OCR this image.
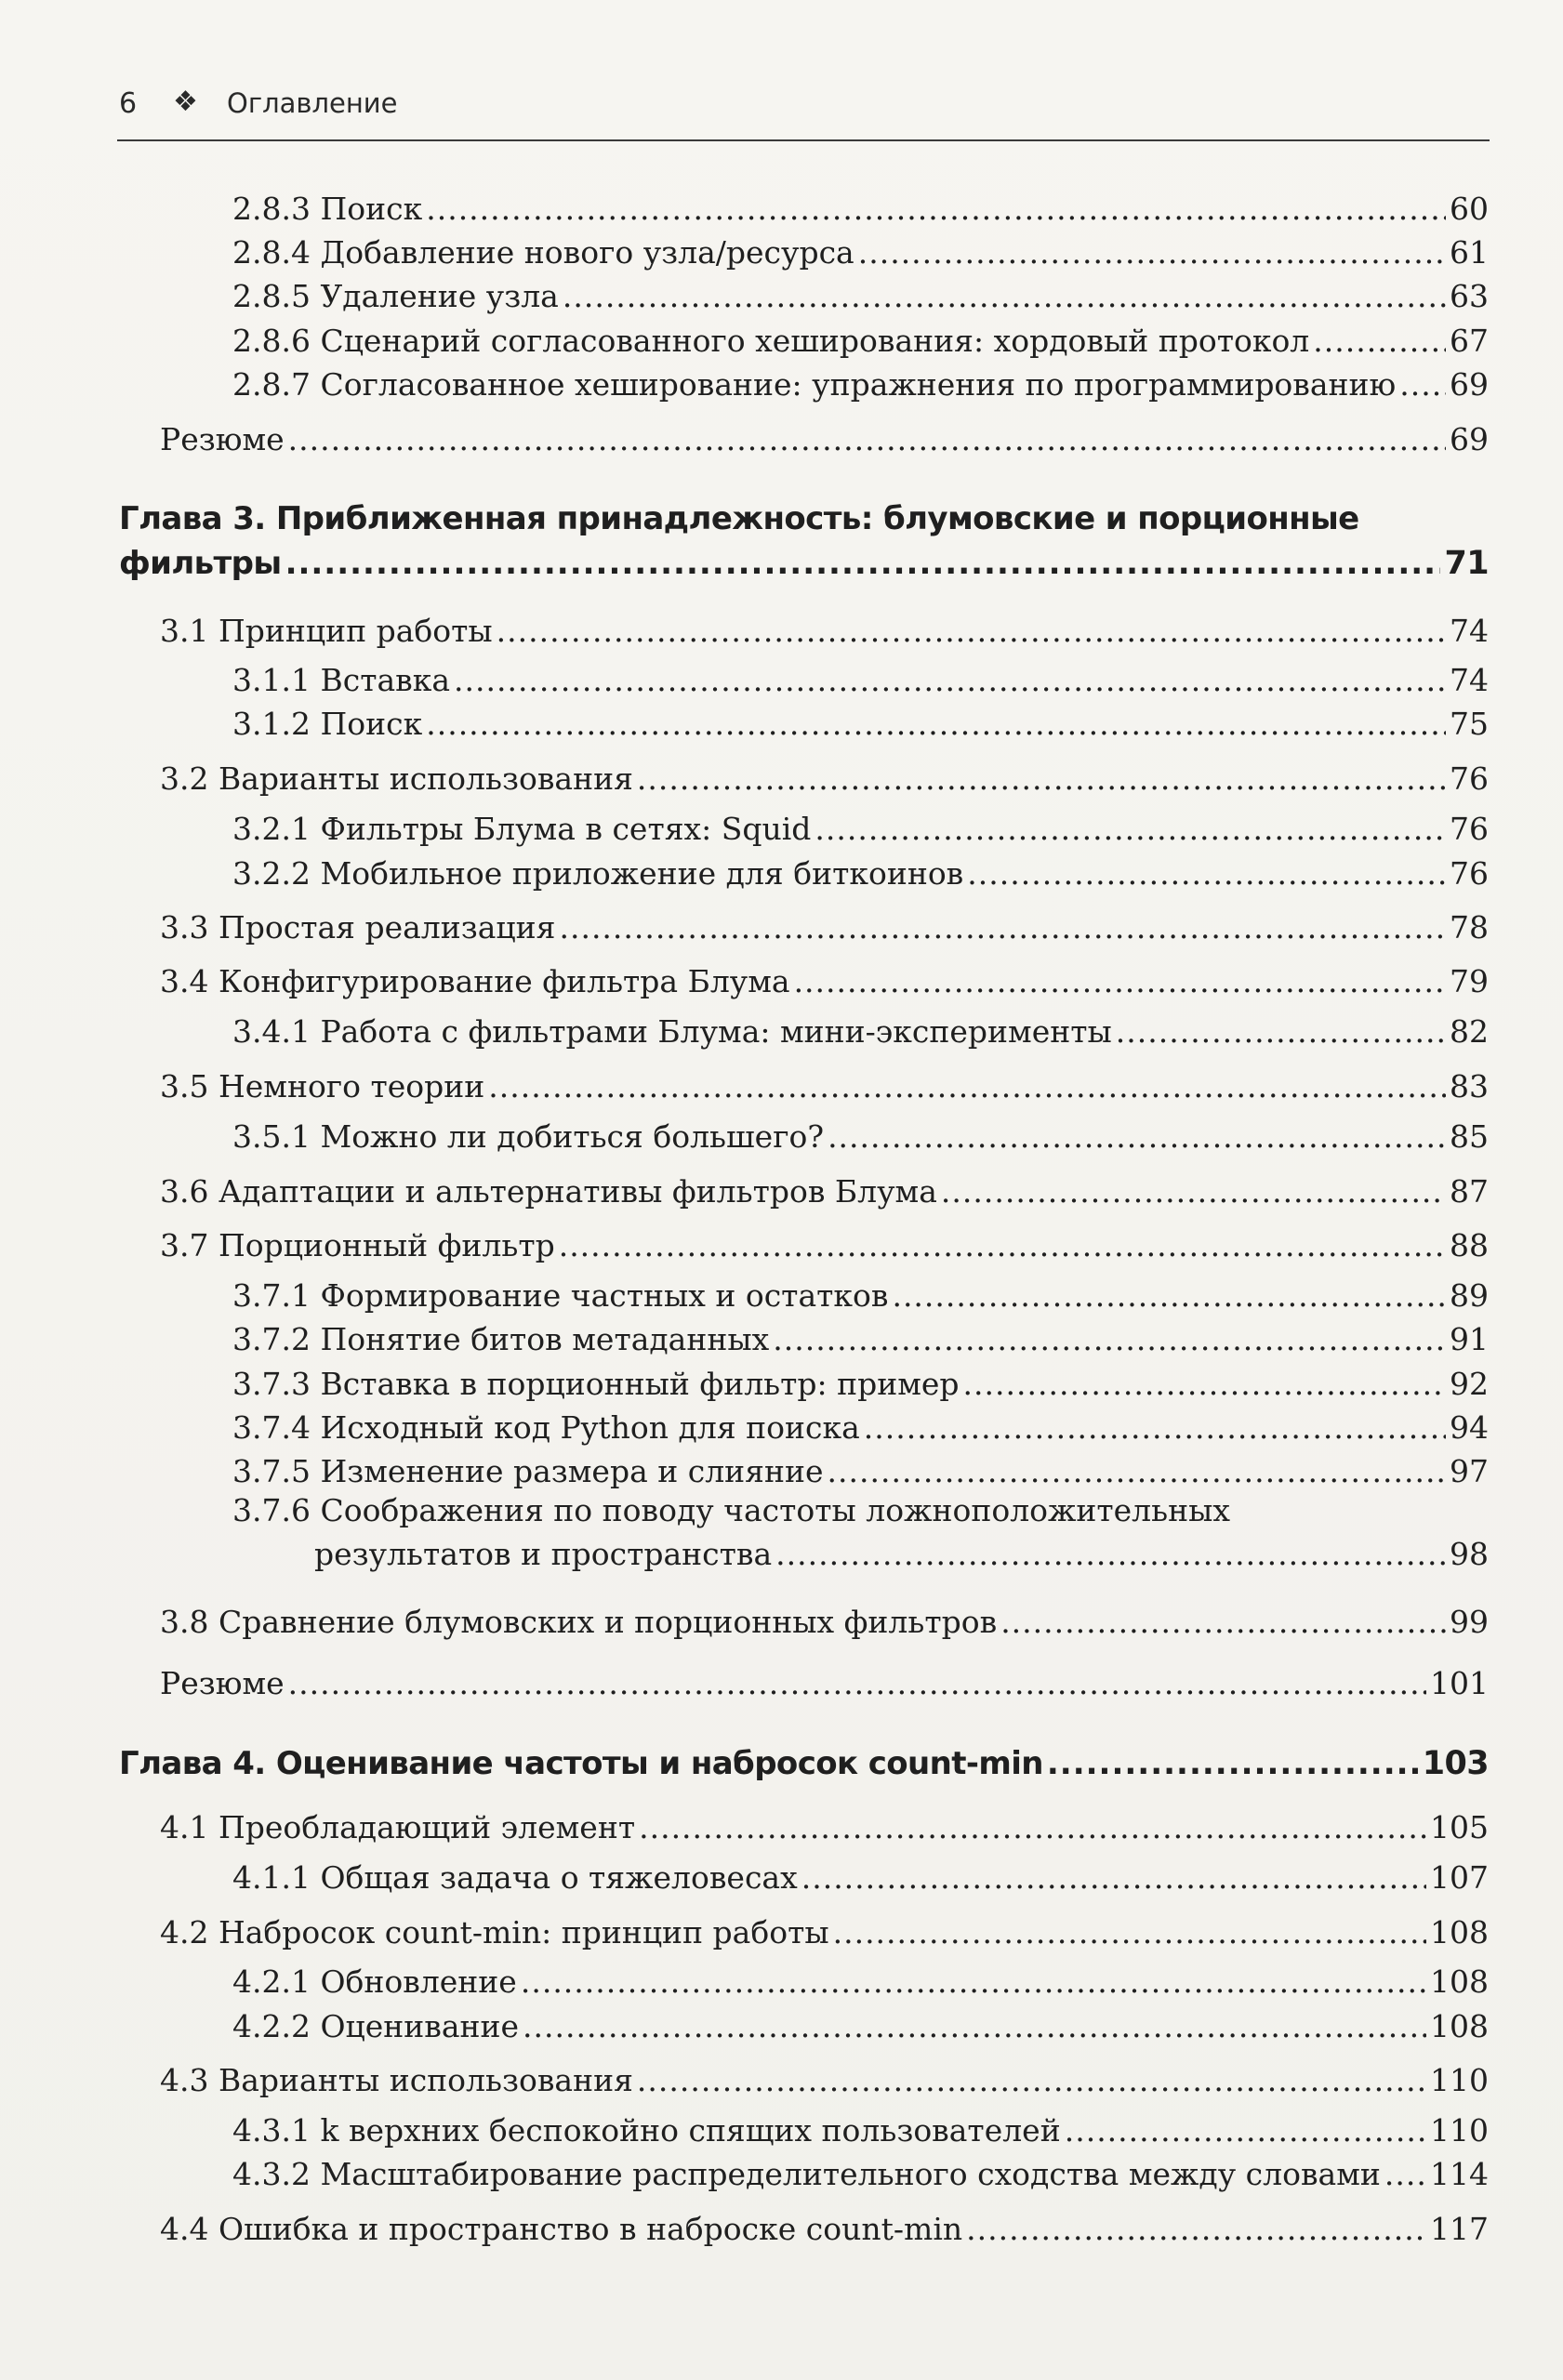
6 ❖ Оглавление
2.8.3 Поиск .....	60
2.8.4 Добавление нового узла/ресурса .....	61
2.8.5 Удаление узла .....	63
2.8.6 Сценарий согласованного хеширования: хордовый протокол .....	67
2.8.7 Согласованное хеширование: упражнения по программированию ..... 69
Резюме .....	69
Глава 3. Приближенная принадлежность: блумовские и порционные
фильтры .....	71
3.1 Принцип работы .....	74
3.1.1 Вставка .....	74
3.1.2 Поиск .....	75
3.2 Варианты использования .....	76
3.2.1 Фильтры Блума в сетях: Squid .....	76
3.2.2 Мобильное приложение для биткоинов .....	76
3.3 Простая реализация .....	78
3.4 Конфигурирование фильтра Блума .....	79
3.4.1 Работа с фильтрами Блума: мини-эксперименты .....	82
3.5 Немного теории .....	83
3.5.1 Можно ли добиться большего? .....	85
3.6 Адаптации и альтернативы фильтров Блума .....	87
3.7 Порционный фильтр .....	88
3.7.1 Формирование частных и остатков .....	89
3.7.2 Понятие битов метаданных .....	91
3.7.3 Вставка в порционный фильтр: пример .....	92
3.7.4 Исходный код Python для поиска .....	94
3.7.5 Изменение размера и слияние .....	97
3.7.6 Соображения по поводу частоты ложноположительных
результатов и пространства .....	98
3.8 Сравнение блумовских и порционных фильтров .....	99
Резюме .....	101
Глава 4. Оценивание частоты и набросок count-min .....	103
4.1 Преобладающий элемент .....	105
4.1.1 Общая задача о тяжеловесах .....	107
4.2 Набросок count-min: принцип работы .....	108
4.2.1 Обновление .....	108
4.2.2 Оценивание .....	108
4.3 Варианты использования .....	110
4.3.1 k верхних беспокойно спящих пользователей .....	110
4.3.2 Масштабирование распределительного сходства между словами ..... 114
4.4 Ошибка и пространство в наброске count-min .....	117
